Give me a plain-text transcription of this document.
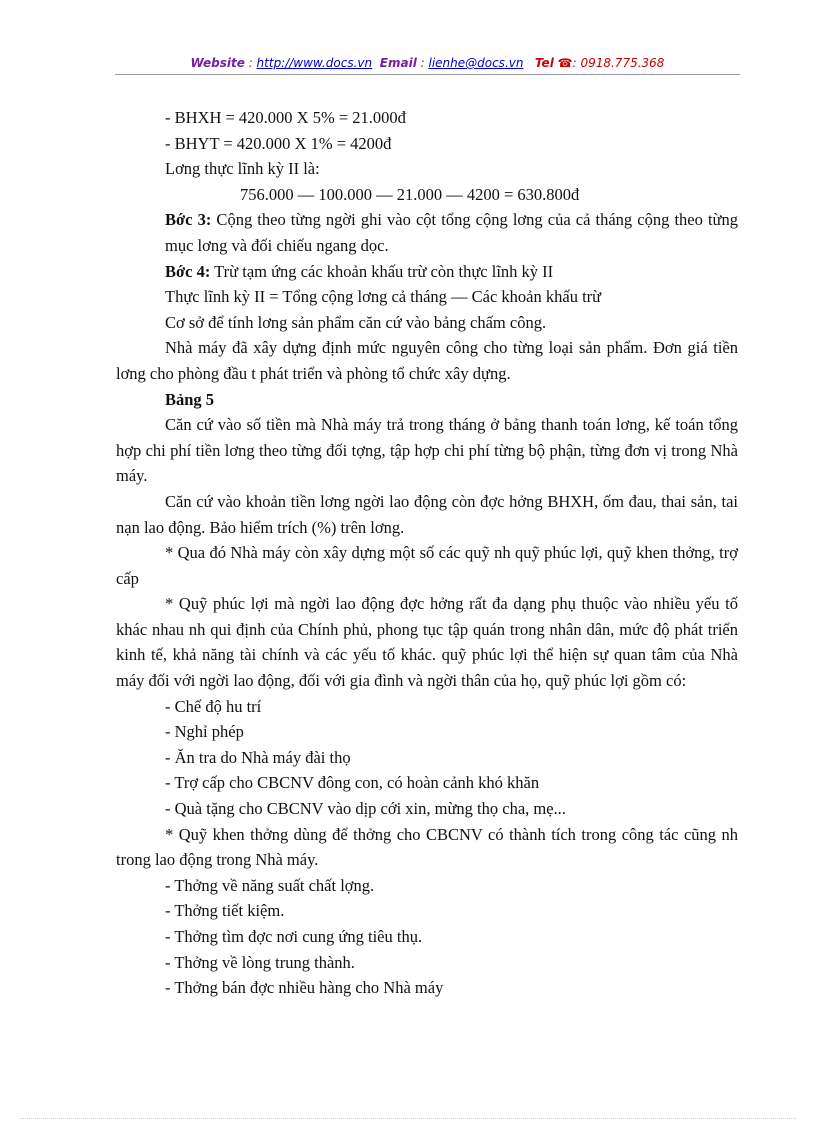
Website : http://www.docs.vn Email : lienhe@docs.vn Tel ☎: 0918.775.368

- BHXH = 420.000 X 5% = 21.000đ

- BHYT = 420.000 X 1% = 4200đ

Lơng thực lĩnh kỳ II là:

756.000 — 100.000 — 21.000 — 4200 = 630.800đ

Bớc 3: Cộng theo từng ngời ghi vào cột tổng cộng lơng của cả tháng cộng theo từng mục lơng và đối chiếu ngang dọc.

Bớc 4: Trừ tạm ứng các khoản khấu trừ còn thực lĩnh kỳ II

Thực lĩnh kỳ II = Tổng cộng lơng cả tháng — Các khoản khấu trừ

Cơ sở để tính lơng sản phẩm căn cứ vào bảng chấm công.

Nhà máy đã xây dựng định mức nguyên công cho từng loại sản phẩm. Đơn giá tiền lơng cho phòng đầu t phát triển và phòng tổ chức xây dựng.

Bảng 5

Căn cứ vào số tiền mà Nhà máy trả trong tháng ở bảng thanh toán lơng, kế toán tổng hợp chi phí tiền lơng theo từng đối tợng, tập hợp chi phí từng bộ phận, từng đơn vị trong Nhà máy.

Căn cứ vào khoản tiền lơng ngời lao động còn đợc hởng BHXH, ốm đau, thai sản, tai nạn lao động. Bảo hiểm trích (%) trên lơng.

* Qua đó Nhà máy còn xây dựng một số các quỹ nh quỹ phúc lợi, quỹ khen thởng, trợ cấp

* Quỹ phúc lợi mà ngời lao động đợc hởng rất đa dạng phụ thuộc vào nhiều yếu tố khác nhau nh qui định của Chính phủ, phong tục tập quán trong nhân dân, mức độ phát triển kinh tế, khả năng tài chính và các yếu tố khác. quỹ phúc lợi thể hiện sự quan tâm của Nhà máy đối với ngời lao động, đối với gia đình và ngời thân của họ, quỹ phúc lợi gồm có:

- Chế độ hu trí

- Nghỉ phép

- Ăn tra do Nhà máy đài thọ

- Trợ cấp cho CBCNV đông con, có hoàn cảnh khó khăn

- Quà tặng cho CBCNV vào dịp cới xin, mừng thọ cha, mẹ...

* Quỹ khen thởng dùng để thởng cho CBCNV có thành tích trong công tác cũng nh trong lao động trong Nhà máy.

- Thởng về năng suất chất lợng.

- Thởng tiết kiệm.

- Thởng tìm đợc nơi cung ứng tiêu thụ.

- Thởng về lòng trung thành.

- Thởng bán đợc nhiều hàng cho Nhà máy
